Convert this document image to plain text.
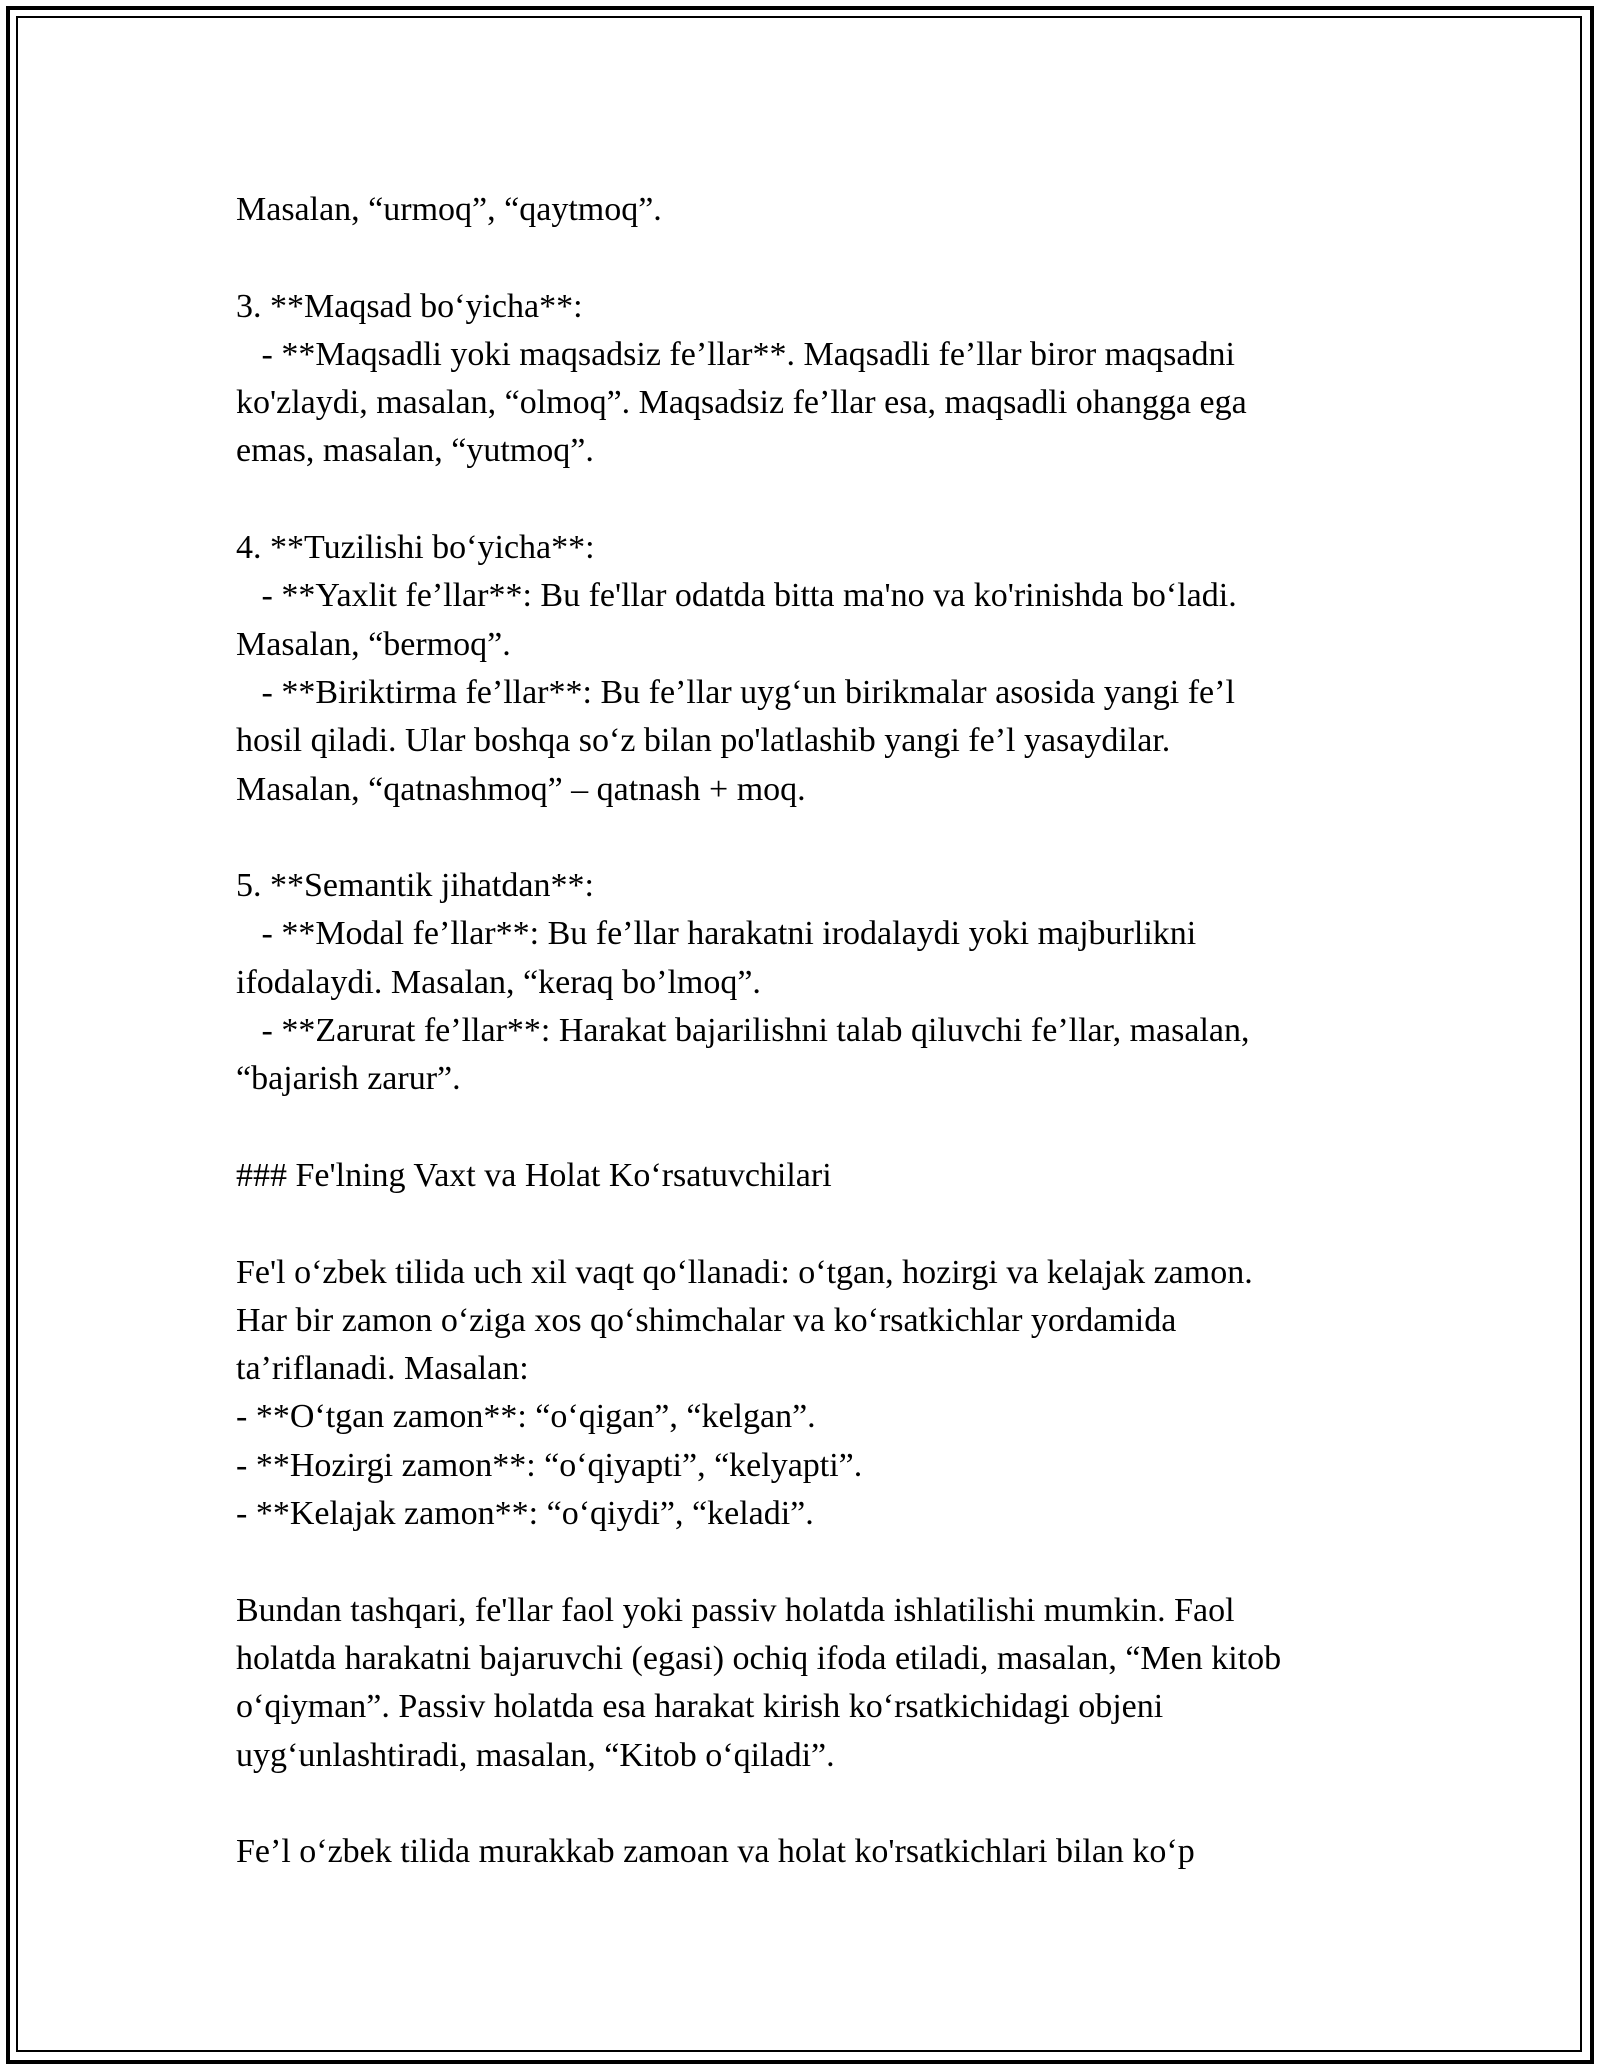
Masalan, “urmoq”, “qaytmoq”.
3. **Maqsad bo‘yicha**:
- **Maqsadli yoki maqsadsiz fe’llar**. Maqsadli fe’llar biror maqsadni
ko'zlaydi, masalan, “olmoq”. Maqsadsiz fe’llar esa, maqsadli ohangga ega
emas, masalan, “yutmoq”.
4. **Tuzilishi bo‘yicha**:
- **Yaxlit fe’llar**: Bu fe'llar odatda bitta ma'no va ko'rinishda bo‘ladi.
Masalan, “bermoq”.
- **Biriktirma fe’llar**: Bu fe’llar uyg‘un birikmalar asosida yangi fe’l
hosil qiladi. Ular boshqa so‘z bilan po'latlashib yangi fe’l yasaydilar.
Masalan, “qatnashmoq” – qatnash + moq.
5. **Semantik jihatdan**:
- **Modal fe’llar**: Bu fe’llar harakatni irodalaydi yoki majburlikni
ifodalaydi. Masalan, “keraq bo’lmoq”.
- **Zarurat fe’llar**: Harakat bajarilishni talab qiluvchi fe’llar, masalan,
“bajarish zarur”.
### Fe'lning Vaxt va Holat Ko‘rsatuvchilari
Fe'l o‘zbek tilida uch xil vaqt qo‘llanadi: o‘tgan, hozirgi va kelajak zamon.
Har bir zamon o‘ziga xos qo‘shimchalar va ko‘rsatkichlar yordamida
ta’riflanadi. Masalan:
- **O‘tgan zamon**: “o‘qigan”, “kelgan”.
- **Hozirgi zamon**: “o‘qiyapti”, “kelyapti”.
- **Kelajak zamon**: “o‘qiydi”, “keladi”.
Bundan tashqari, fe'llar faol yoki passiv holatda ishlatilishi mumkin. Faol
holatda harakatni bajaruvchi (egasi) ochiq ifoda etiladi, masalan, “Men kitob
o‘qiyman”. Passiv holatda esa harakat kirish ko‘rsatkichidagi objeni
uyg‘unlashtiradi, masalan, “Kitob o‘qiladi”.
Fe’l o‘zbek tilida murakkab zamoan va holat ko'rsatkichlari bilan ko‘p
